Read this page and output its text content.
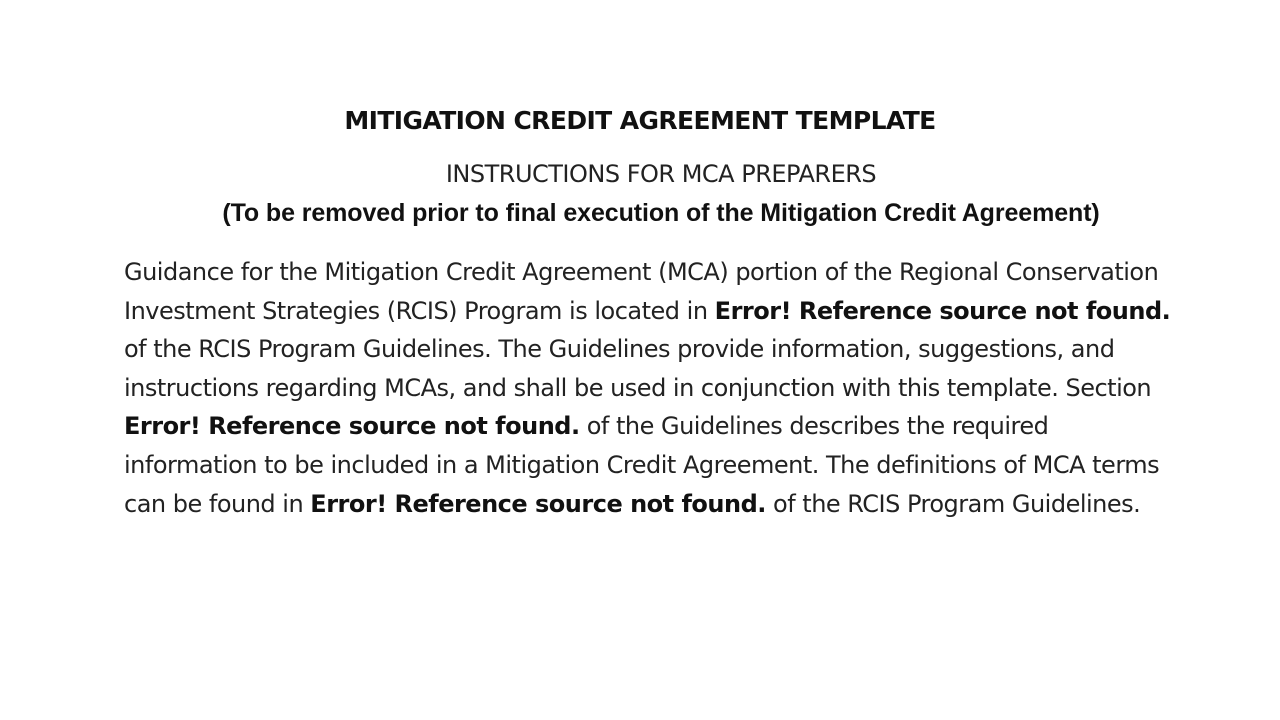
MITIGATION CREDIT AGREEMENT TEMPLATE
INSTRUCTIONS FOR MCA PREPARERS
(To be removed prior to final execution of the Mitigation Credit Agreement)

Guidance for the Mitigation Credit Agreement (MCA) portion of the Regional Conservation Investment Strategies (RCIS) Program is located in Error! Reference source not found. of the RCIS Program Guidelines. The Guidelines provide information, suggestions, and instructions regarding MCAs, and shall be used in conjunction with this template. Section Error! Reference source not found. of the Guidelines describes the required information to be included in a Mitigation Credit Agreement. The definitions of MCA terms can be found in Error! Reference source not found. of the RCIS Program Guidelines.
